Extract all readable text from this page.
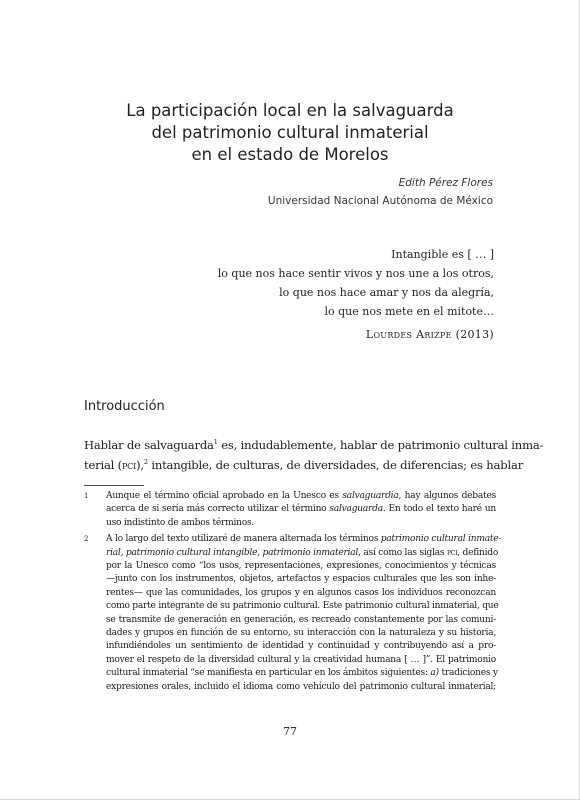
La participación local en la salvaguarda
del patrimonio cultural inmaterial
en el estado de Morelos
Edith Pérez Flores
Universidad Nacional Autónoma de México
Intangible es [ … ]
lo que nos hace sentir vivos y nos une a los otros,
lo que nos hace amar y nos da alegría,
lo que nos mete en el mitote…
Lourdes Arizpe (2013)
Introducción
Hablar de salvaguarda$^1$ es, indudablemente, hablar de patrimonio cultural inma-
terial (pci),$^2$ intangible, de culturas, de diversidades, de diferencias; es hablar
1 Aunque el término oficial aprobado en la Unesco es salvaguardia, hay algunos debates
acerca de si sería más correcto utilizar el término salvaguarda. En todo el texto haré un
uso indistinto de ambos términos.
2 A lo largo del texto utilizaré de manera alternada los términos patrimonio cultural inmate-
rial, patrimonio cultural intangible, patrimonio inmaterial, así como las siglas pci, definido
por la Unesco como “los usos, representaciones, expresiones, conocimientos y técnicas
—junto con los instrumentos, objetos, artefactos y espacios culturales que les son inhe-
rentes— que las comunidades, los grupos y en algunos casos los individuos reconozcan
como parte integrante de su patrimonio cultural. Este patrimonio cultural inmaterial, que
se transmite de generación en generación, es recreado constantemente por las comuni-
dades y grupos en función de su entorno, su interacción con la naturaleza y su historia,
infundiéndoles un sentimiento de identidad y continuidad y contribuyendo así a pro-
mover el respeto de la diversidad cultural y la creatividad humana [ … ]”. El patrimonio
cultural inmaterial “se manifiesta en particular en los ámbitos siguientes: a) tradiciones y
expresiones orales, incluido el idioma como vehículo del patrimonio cultural inmaterial;
77
